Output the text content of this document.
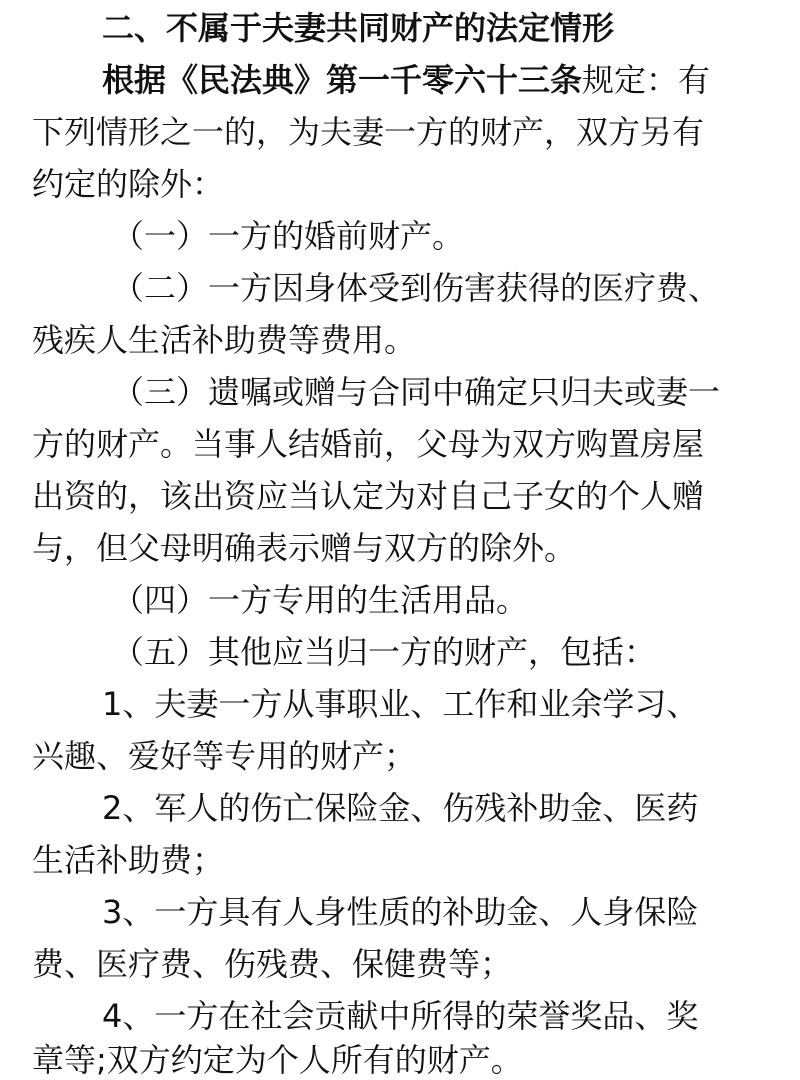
二、不属于夫妻共同财产的法定情形
根据《民法典》第一千零六十三条规定：有
下列情形之一的，为夫妻一方的财产，双方另有
约定的除外：
（一）一方的婚前财产。
（二）一方因身体受到伤害获得的医疗费、
残疾人生活补助费等费用。
（三）遗嘱或赠与合同中确定只归夫或妻一
方的财产。当事人结婚前，父母为双方购置房屋
出资的，该出资应当认定为对自己子女的个人赠
与，但父母明确表示赠与双方的除外。
（四）一方专用的生活用品。
（五）其他应当归一方的财产，包括：
1、夫妻一方从事职业、工作和业余学习、
兴趣、爱好等专用的财产；
2、军人的伤亡保险金、伤残补助金、医药
生活补助费；
3、一方具有人身性质的补助金、人身保险
费、医疗费、伤残费、保健费等；
4、一方在社会贡献中所得的荣誉奖品、奖
章等;双方约定为个人所有的财产。
